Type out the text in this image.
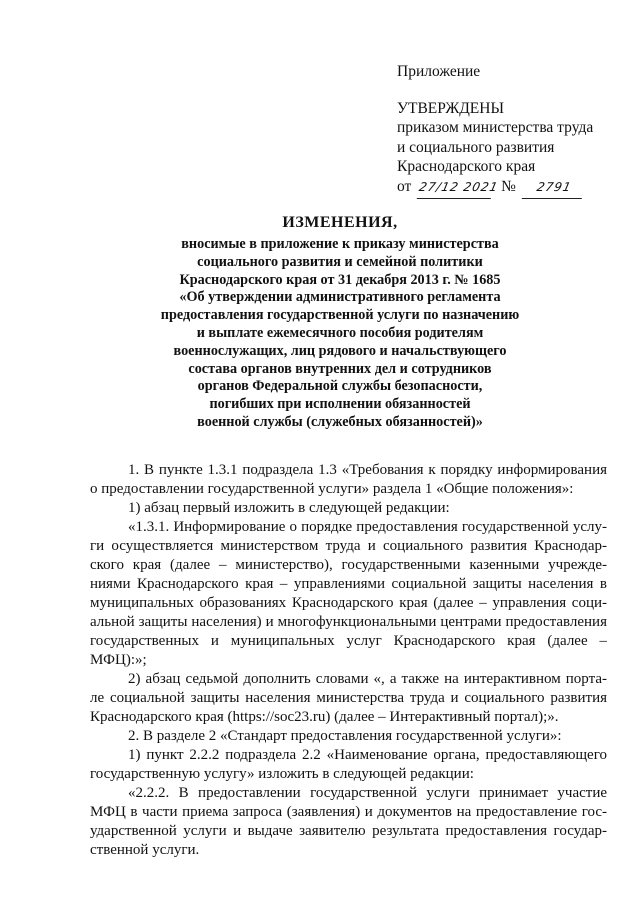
Приложение
УТВЕРЖДЕНЫ
приказом министерства труда
и социального развития
Краснодарского края
от 27/12 2021 № 2791
ИЗМЕНЕНИЯ,
вносимые в приложение к приказу министерства
социального развития и семейной политики
Краснодарского края от 31 декабря 2013 г. № 1685
«Об утверждении административного регламента
предоставления государственной услуги по назначению
и выплате ежемесячного пособия родителям
военнослужащих, лиц рядового и начальствующего
состава органов внутренних дел и сотрудников
органов Федеральной службы безопасности,
погибших при исполнении обязанностей
военной службы (служебных обязанностей)»
1. В пункте 1.3.1 подраздела 1.3 «Требования к порядку информирования
о предоставлении государственной услуги» раздела 1 «Общие положения»:
1) абзац первый изложить в следующей редакции:
«1.3.1. Информирование о порядке предоставления государственной услу-
ги осуществляется министерством труда и социального развития Краснодар-
ского края (далее – министерство), государственными казенными учрежде-
ниями Краснодарского края – управлениями социальной защиты населения в
муниципальных образованиях Краснодарского края (далее – управления соци-
альной защиты населения) и многофункциональными центрами предоставления
государственных и муниципальных услуг Краснодарского края (далее –
МФЦ):»;
2) абзац седьмой дополнить словами «, а также на интерактивном порта-
ле социальной защиты населения министерства труда и социального развития
Краснодарского края (https://soc23.ru) (далее – Интерактивный портал);».
2. В разделе 2 «Стандарт предоставления государственной услуги»:
1) пункт 2.2.2 подраздела 2.2 «Наименование органа, предоставляющего
государственную услугу» изложить в следующей редакции:
«2.2.2. В предоставлении государственной услуги принимает участие
МФЦ в части приема запроса (заявления) и документов на предоставление гос-
ударственной услуги и выдаче заявителю результата предоставления государ-
ственной услуги.
